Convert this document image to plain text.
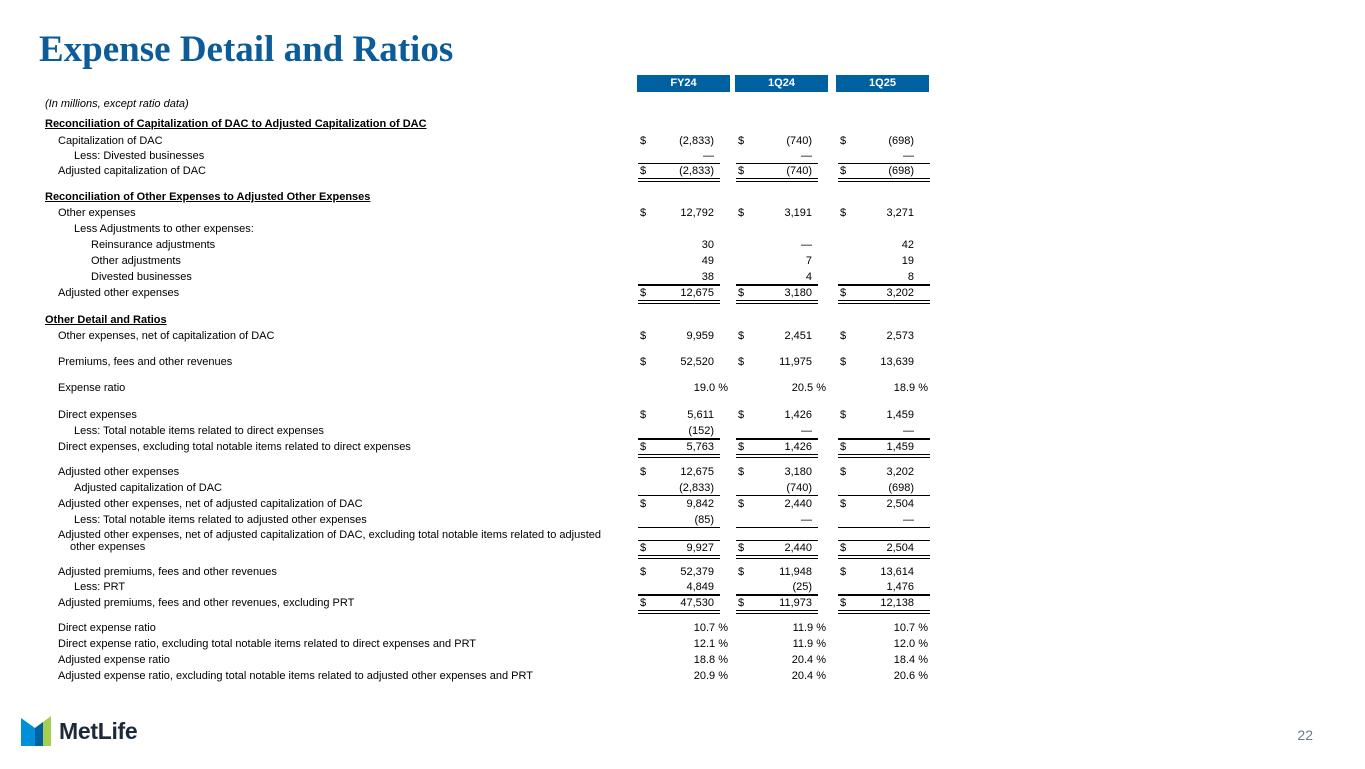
Expense Detail and Ratios
FY24	1Q24	1Q25
(In millions, except ratio data)
Reconciliation of Capitalization of DAC to Adjusted Capitalization of DAC
Capitalization of DAC	$	(2,833) $	(740)	$	(698)
Less: Divested businesses	—	—	—
Adjusted capitalization of DAC	$	(2,833) $	(740)	$	(698)
Reconciliation of Other Expenses to Adjusted Other Expenses
Other expenses	$	12,792 $	3,191	$	3,271
Less Adjustments to other expenses:
Reinsurance adjustments	30	—	42
Other adjustments	49	7	19
Divested businesses	38	4	8
Adjusted other expenses	$	12,675 $	3,180	$	3,202
Other Detail and Ratios
Other expenses, net of capitalization of DAC	$	9,959 $	2,451	$	2,573
Premiums, fees and other revenues	$	52,520 $	11,975	$	13,639
Expense ratio	19.0 %	20.5 %	18.9 %
Direct expenses	$	5,611 $	1,426	$	1,459
Less: Total notable items related to direct expenses	(152)	—	—
Direct expenses, excluding total notable items related to direct expenses	$	5,763 $	1,426	$	1,459
Adjusted other expenses	$	12,675 $	3,180	$	3,202
Adjusted capitalization of DAC	(2,833)	(740)	(698)
Adjusted other expenses, net of adjusted capitalization of DAC	$	9,842 $	2,440	$	2,504
Less: Total notable items related to adjusted other expenses	(85)	—	—
Adjusted other expenses, net of adjusted capitalization of DAC, excluding total notable items related to adjusted
other expenses	$	9,927 $	2,440	$	2,504
Adjusted premiums, fees and other revenues	$	52,379 $	11,948	$	13,614
Less: PRT	4,849	(25)	1,476
Adjusted premiums, fees and other revenues, excluding PRT	$	47,530 $	11,973	$	12,138
Direct expense ratio	10.7 %	11.9 %	10.7 %
Direct expense ratio, excluding total notable items related to direct expenses and PRT	12.1 %	11.9 %	12.0 %
Adjusted expense ratio	18.8 %	20.4 %	18.4 %
Adjusted expense ratio, excluding total notable items related to adjusted other expenses and PRT	20.9 %	20.4 %	20.6 %
MetLife	22
